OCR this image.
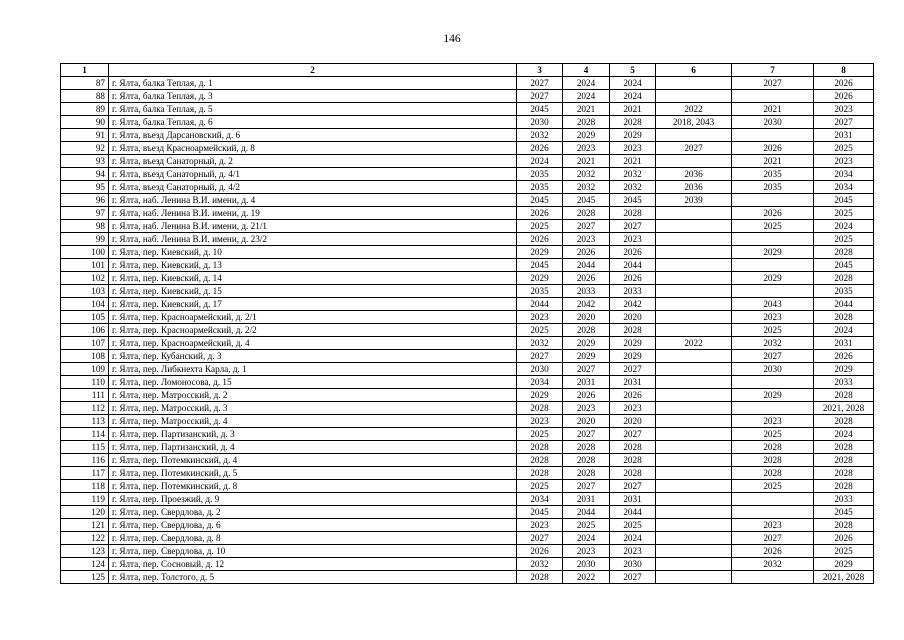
146
1	2	3	4	5	6	7	8
87	г. Ялта, балка Теплая, д. 1	2027	2024	2024		2027	2026
88	г. Ялта, балка Теплая, д. 3	2027	2024	2024			2026
89	г. Ялта, балка Теплая, д. 5	2045	2021	2021	2022	2021	2023
90	г. Ялта, балка Теплая, д. 6	2030	2028	2028	2018, 2043	2030	2027
91	г. Ялта, въезд Дарсановский, д. 6	2032	2029	2029			2031
92	г. Ялта, въезд Красноармейский, д. 8	2026	2023	2023	2027	2026	2025
93	г. Ялта, въезд Санаторный, д. 2	2024	2021	2021		2021	2023
94	г. Ялта, въезд Санаторный, д. 4/1	2035	2032	2032	2036	2035	2034
95	г. Ялта, въезд Санаторный, д. 4/2	2035	2032	2032	2036	2035	2034
96	г. Ялта, наб. Ленина В.И. имени, д. 4	2045	2045	2045	2039		2045
97	г. Ялта, наб. Ленина В.И. имени, д. 19	2026	2028	2028		2026	2025
98	г. Ялта, наб. Ленина В.И. имени, д. 21/1	2025	2027	2027		2025	2024
99	г. Ялта, наб. Ленина В.И. имени, д. 23/2	2026	2023	2023			2025
100	г. Ялта, пер. Киевский, д. 10	2029	2026	2026		2029	2028
101	г. Ялта, пер. Киевский, д. 13	2045	2044	2044			2045
102	г. Ялта, пер. Киевский, д. 14	2029	2026	2026		2029	2028
103	г. Ялта, пер. Киевский, д. 15	2035	2033	2033			2035
104	г. Ялта, пер. Киевский, д. 17	2044	2042	2042		2043	2044
105	г. Ялта, пер. Красноармейский, д. 2/1	2023	2020	2020		2023	2028
106	г. Ялта, пер. Красноармейский, д. 2/2	2025	2028	2028		2025	2024
107	г. Ялта, пер. Красноармейский, д. 4	2032	2029	2029	2022	2032	2031
108	г. Ялта, пер. Кубанский, д. 3	2027	2029	2029		2027	2026
109	г. Ялта, пер. Либкнехта Карла, д. 1	2030	2027	2027		2030	2029
110	г. Ялта, пер. Ломоносова, д. 15	2034	2031	2031			2033
111	г. Ялта, пер. Матросский, д. 2	2029	2026	2026		2029	2028
112	г. Ялта, пер. Матросский, д. 3	2028	2023	2023			2021, 2028
113	г. Ялта, пер. Матросский, д. 4	2023	2020	2020		2023	2028
114	г. Ялта, пер. Партизанский, д. 3	2025	2027	2027		2025	2024
115	г. Ялта, пер. Партизанский, д. 4	2028	2028	2028		2028	2028
116	г. Ялта, пер. Потемкинский, д. 4	2028	2028	2028		2028	2028
117	г. Ялта, пер. Потемкинский, д. 5	2028	2028	2028		2028	2028
118	г. Ялта, пер. Потемкинский, д. 8	2025	2027	2027		2025	2028
119	г. Ялта, пер. Проезжий, д. 9	2034	2031	2031			2033
120	г. Ялта, пер. Свердлова, д. 2	2045	2044	2044			2045
121	г. Ялта, пер. Свердлова, д. 6	2023	2025	2025		2023	2028
122	г. Ялта, пер. Свердлова, д. 8	2027	2024	2024		2027	2026
123	г. Ялта, пер. Свердлова, д. 10	2026	2023	2023		2026	2025
124	г. Ялта, пер. Сосновый, д. 12	2032	2030	2030		2032	2029
125	г. Ялта, пер. Толстого, д. 5	2028	2022	2027			2021, 2028
